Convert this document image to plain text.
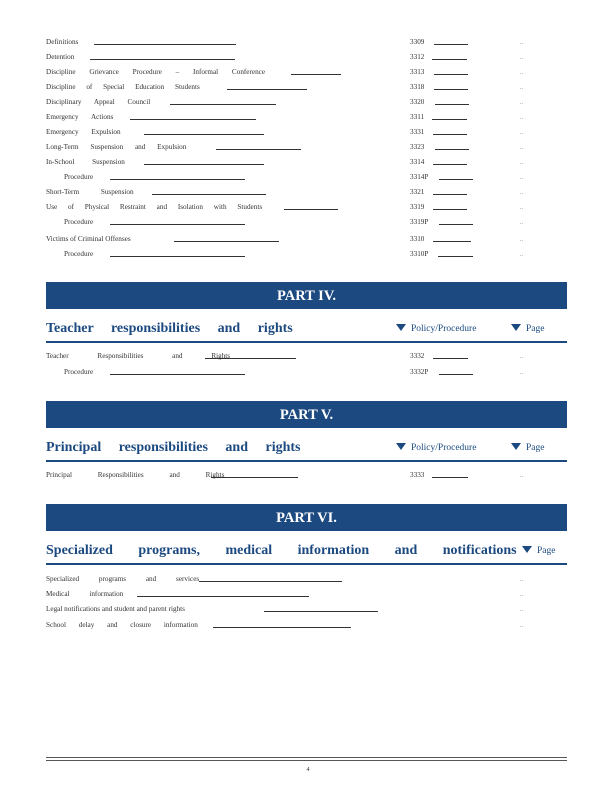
Definitions	3309	..
Detention	3312	..
Discipline Grievance Procedure – Informal Conference	3313	..
Discipline of Special Education Students	3318	..
Disciplinary Appeal Council	3320	..
Emergency Actions	3311	..
Emergency Expulsion	3331	..
Long-Term Suspension and Expulsion	3323	..
In-School Suspension	3314	..
Procedure	3314P	..
Short-Term Suspension	3321	..
Use of Physical Restraint and Isolation with Students	3319	..
Procedure	3319P	..
Victims of Criminal Offenses	3310	..
Procedure	3310P	..
PART IV.
Teacher responsibilities and rights	Policy/Procedure	Page
Teacher Responsibilities and Rights	3332	..
Procedure	3332P	..
PART V.
Principal responsibilities and rights	Policy/Procedure	Page
Principal Responsibilities and Rights	3333	..
PART VI.
Specialized programs, medical information and notifications	Page
Specialized programs and services	..
Medical information	..
Legal notifications and student and parent rights	..
School delay and closure information	..
4
